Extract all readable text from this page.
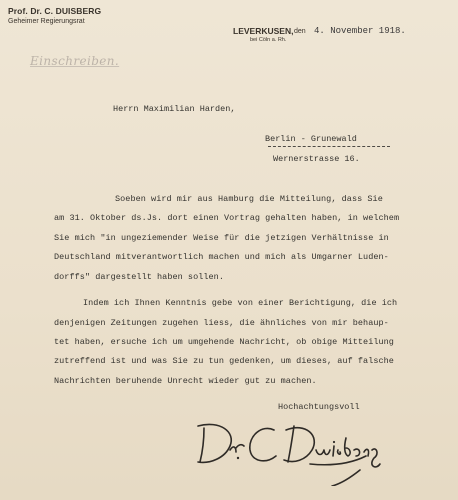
Prof. Dr. C. DUISBERG
Geheimer Regierungsrat
LEVERKUSEN, den 4. November 1918.
bei Cöln a. Rh.
Einschreiben.
Herrn Maximilian Harden,
Berlin - Grunewald
Wernerstrasse 16.
Soeben wird mir aus Hamburg die Mitteilung, dass Sie
am 31. Oktober ds.Js. dort einen Vortrag gehalten haben, in welchem
Sie mich "in ungeziemender Weise für die jetzigen Verhältnisse in
Deutschland mitverantwortlich machen und mich als Umgarner Luden-
dorffs" dargestellt haben sollen.
Indem ich Ihnen Kenntnis gebe von einer Berichtigung, die ich
denjenigen Zeitungen zugehen liess, die ähnliches von mir behaup-
tet haben, ersuche ich um umgehende Nachricht, ob obige Mitteilung
zutreffend ist und was Sie zu tun gedenken, um dieses, auf falsche
Nachrichten beruhende Unrecht wieder gut zu machen.
Hochachtungsvoll
